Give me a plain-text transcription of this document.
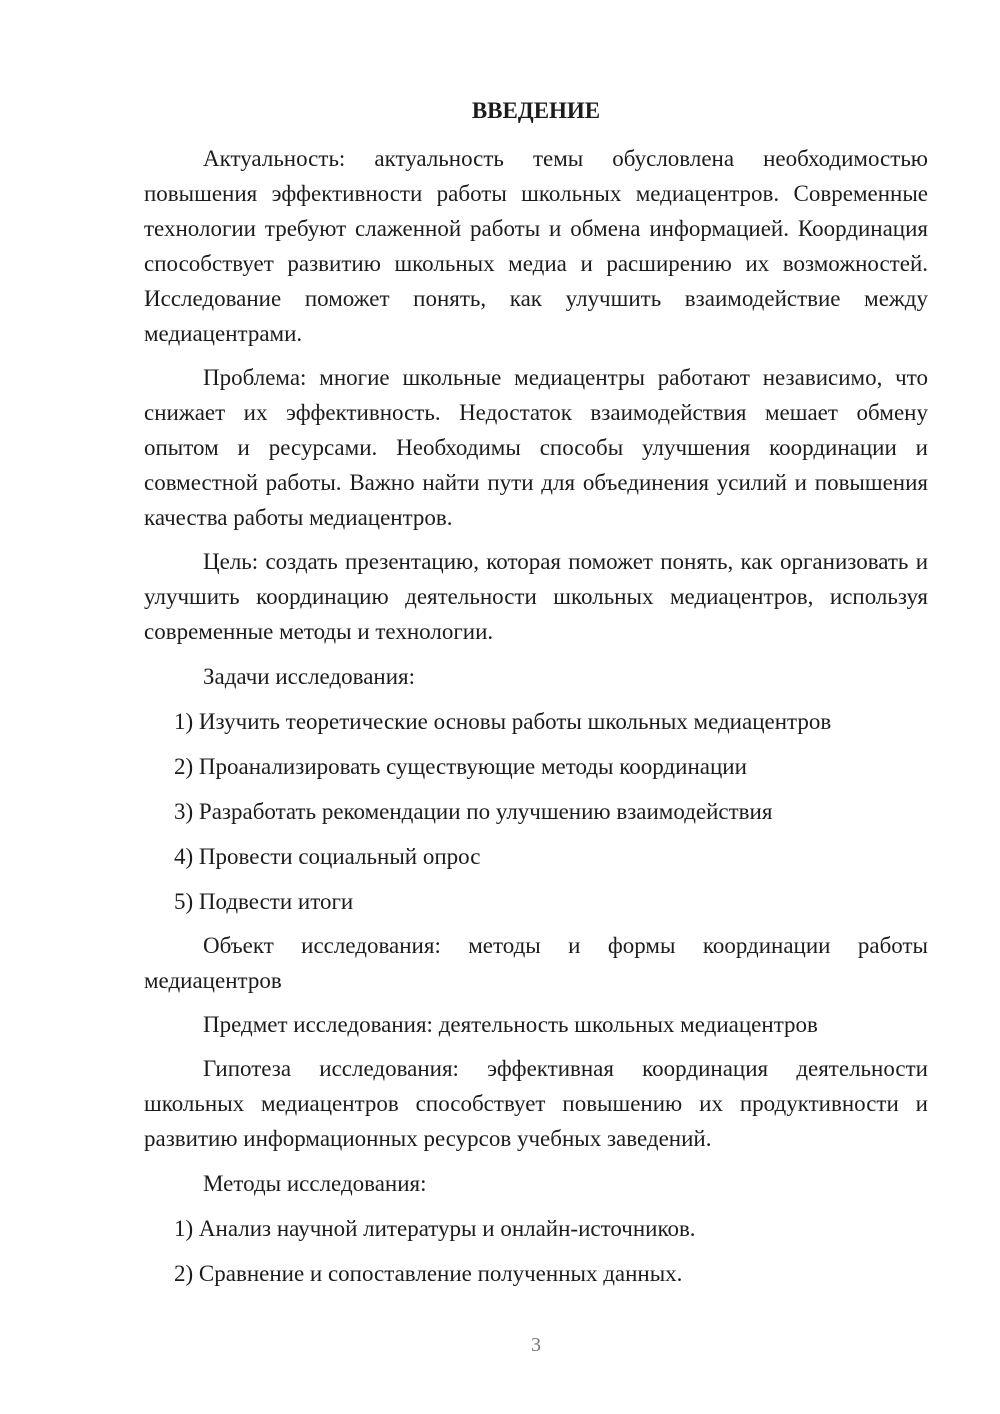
ВВЕДЕНИЕ

Актуальность: актуальность темы обусловлена необходимостью повышения эффективности работы школьных медиацентров. Современные технологии требуют слаженной работы и обмена информацией. Координация способствует развитию школьных медиа и расширению их возможностей. Исследование поможет понять, как улучшить взаимодействие между медиацентрами.

Проблема: многие школьные медиацентры работают независимо, что снижает их эффективность. Недостаток взаимодействия мешает обмену опытом и ресурсами. Необходимы способы улучшения координации и совместной работы. Важно найти пути для объединения усилий и повышения качества работы медиацентров.

Цель: создать презентацию, которая поможет понять, как организовать и улучшить координацию деятельности школьных медиацентров, используя современные методы и технологии.

Задачи исследования:

1) Изучить теоретические основы работы школьных медиацентров

2) Проанализировать существующие методы координации

3) Разработать рекомендации по улучшению взаимодействия

4) Провести социальный опрос

5) Подвести итоги

Объект исследования: методы и формы координации работы медиацентров

Предмет исследования: деятельность школьных медиацентров

Гипотеза исследования: эффективная координация деятельности школьных медиацентров способствует повышению их продуктивности и развитию информационных ресурсов учебных заведений.

Методы исследования:

1) Анализ научной литературы и онлайн-источников.

2) Сравнение и сопоставление полученных данных.

3
